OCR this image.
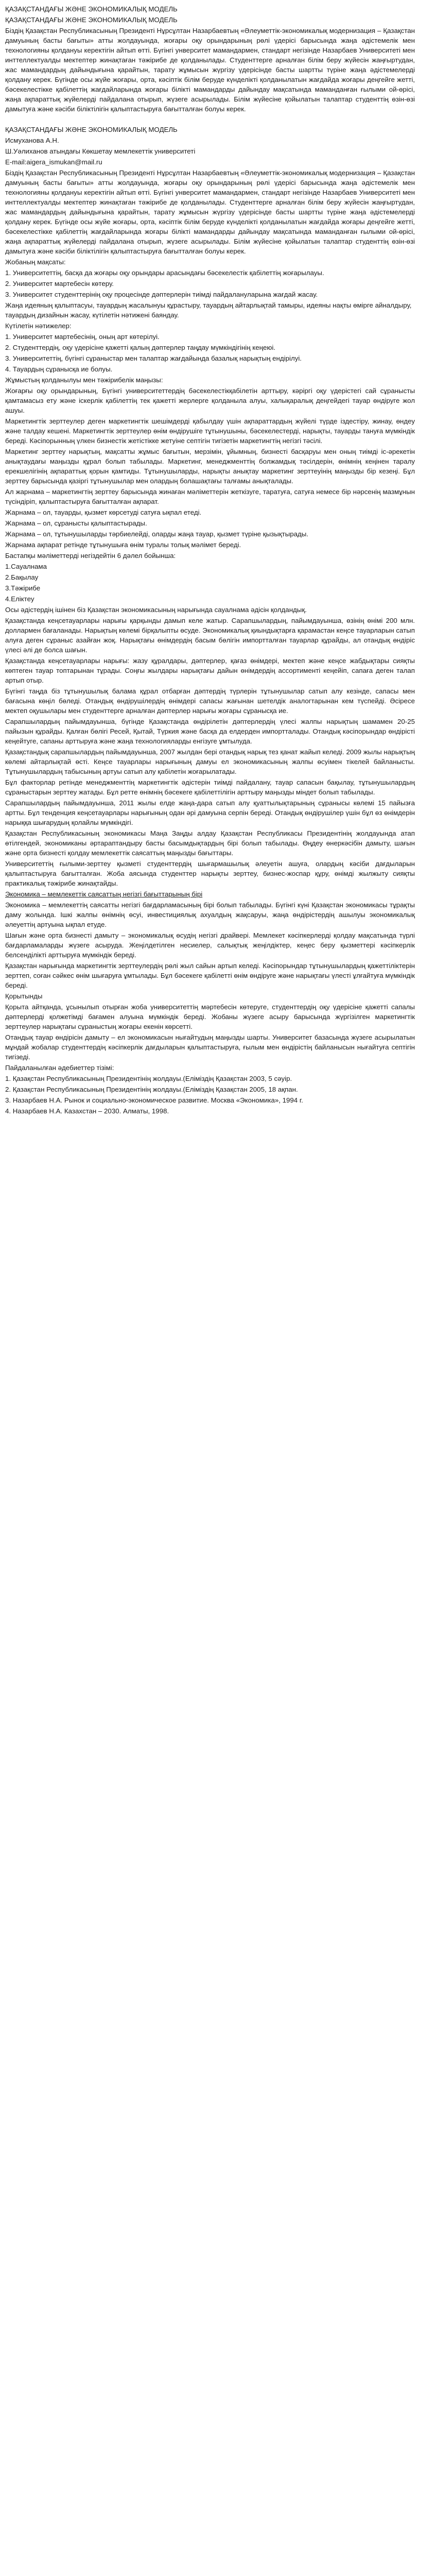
ҚАЗАҚСТАНДАҒЫ ЖӘНЕ ЭКОНОМИКАЛЫҚ МОДЕЛЬ
ҚАЗАҚСТАНДАҒЫ ЖӘНЕ ЭКОНОМИКАЛЫҚ МОДЕЛЬ
Біздің Қазақстан Республикасының Президенті Нұрсұлтан Назарбаевтың «Әлеуметтік-экономикалық модернизация – Қазақстан дамуының басты бағыты» атты жолдауында, жоғары оқу орындарының рөлі үдерісі барысында жаңа әдістемелік мен технологияны қолдануы керектігін айтып өтті. Бүгінгі унверситет мамандармен, стандарт негізінде Назарбаев Университеті мен инттеллектуалды мектептер жинақтаған тәжірибе де қолданылады. Студенттерге арналған білім беру жүйесін жаңғыртудан, жас мамандардың дайындығына қарайтын, тарату жұмысын жүргізу үдерісінде басты шартты түріне жаңа әдістемелерді қолдану керек. Бүгінде осы жүйе жоғары, орта, кәсіптік білім беруде күнделікті қолданылатын жағдайда жоғары деңгейге жетті, бәсекелестікке қабілеттің жағдайларында жоғары білікті мамандарды дайындау мақсатында маманданған ғылыми ой-өрісі, жаңа ақпараттық жүйелерді пайдалана отырып, жүзеге асырылады. Білім жүйесіне қойылатын талаптар студенттің өзін-өзі дамытуға және кәсіби біліктілігін қалыптастыруға бағытталған болуы керек.
ҚАЗАҚСТАНДАҒЫ ЖӘНЕ ЭКОНОМИКАЛЫҚ МОДЕЛЬ
Исмуханова А.Н.
Ш.Уәлиханов атындағы Көкшетау мемлекеттік университеті
E-mail:aigera_ismukan@mail.ru
Біздің Қазақстан Республикасының Президенті Нұрсұлтан Назарбаевтың «Әлеуметтік-экономикалық модернизация – Қазақстан дамуының басты бағыты» атты жолдауында, жоғары оқу орындарының рөлі үдерісі барысында жаңа әдістемелік мен технологияны қолдануы керектігін айтып өтті. Бүгінгі унверситет мамандармен, стандарт негізінде Назарбаев Университеті мен инттеллектуалды мектептер жинақтаған тәжірибе де қолданылады. Студенттерге арналған білім беру жүйесін жаңғыртудан, жас мамандардың дайындығына қарайтын, тарату жұмысын жүргізу үдерісінде басты шартты түріне жаңа әдістемелерді қолдану керек. Бүгінде осы жүйе жоғары, орта, кәсіптік білім беруде күнделікті қолданылатын жағдайда жоғары деңгейге жетті, бәсекелестікке қабілеттің жағдайларында жоғары білікті мамандарды дайындау мақсатында маманданған ғылыми ой-өрісі, жаңа ақпараттық жүйелерді пайдалана отырып, жүзеге асырылады. Білім жүйесіне қойылатын талаптар студенттің өзін-өзі дамытуға және кәсіби біліктілігін қалыптастыруға бағытталған болуы керек.
Жобаның мақсаты:
1. Университеттің, басқа да жоғары оқу орындары арасындағы бәсекелестік қабілеттің жоғарылауы.
2. Университет мартебесін көтеру.
3. Университет студенттерінің оқу процесінде дәптерлерін тиімді пайдалануларына жағдай жасау.
Жаңа идеяның қалыптасуы, тауардың жасалынуы құрастыру, тауардың айтарлықтай тамыры, идеяны нақты өмірге айналдыру, тауардың дизайнын жасау, күтілетін нәтижені баяндау.
Күтілетін нәтижелер:
1. Университет мартебесінің, оның арт көтерілуі.
2. Студенттердің, оқу үдерісіне қажетті қалың дәптерлер таңдау мүмкіндігінің кеңеюі.
3. Университеттің, бүгінгі сұраныстар мен талаптар жағдайында базалық нарықтың ендірілуі.
4. Тауардың сұранысқа ие болуы.
Жұмыстың қолданылуы мен тәжірибелік маңызы:
Жоғарғы оқу орындарының, Бүгінгі университеттердің бәсекелестікқабілетін арттыру, кәріргі оқу үдерістегі сай сұранысты қамтамасыз ету және іскерлік қабілеттің тек қажетті жерлерге қолданыла алуы, халықаралық деңгейдегі тауар өндіруге жол ашуы.
Маркетингтік зерттеулер деген маркетингтік шешімдерді қабылдау үшін ақпараттардың жүйелі түрде іздестіру, жинау, өндеу және талдау кешені. Маркетингтік зерттеулер өнім өндірушіге тұтынушыны, бәсекелестерді, нарықты, тауарды тануға мүмкіндік береді. Кәсіпорынның үлкен бизнестік жетістікке жетуіне септігін тигізетін маркетингтің негізгі тәсілі.
Маркетинг зерттеу нарықтың, мақсатты жұмыс бағытын, мерзімін, ұйымның, бизнесті басқаруы мен оның тиімді іс-әрекетін анықтаудағы маңызды құрал болып табылады. Маркетинг, менеджменттің болжамдық тәсілдерін, өнімнің кеңінен таралу ерекшелігінің ақпараттық қорын қамтиды. Тұтынушыларды, нарықты анықтау маркетинг зерттеуінің маңызды бір кезеңі. Бұл зерттеу барысында қазіргі тұтынушылар мен олардың болашақтағы талғамы анықталады.
Ал жарнама – маркетингтің зерттеу барысында жинаған мәліметтерін жеткізуге, таратуға, сатуға немесе бір нәрсенің мазмұнын түсіндіріп, қалыптастыруға бағытталған ақпарат.
Жарнама – ол, тауарды, қызмет көрсетуді сатуға ықпал етеді.
Жарнама – ол, сұранысты қалыптастырады.
Жарнама – ол, тұтынушыларды тәрбиелейді, оларды жаңа тауар, қызмет түріне қызықтырады.
Жарнама ақпарат ретінде тұтынушыға өнім туралы толық мәлімет береді.
Бастапқы мәліметтерді негіздейтін 6 дәлел бойынша:
1.Сауалнама
2.Бақылау
3.Тәжірибе
4.Еліктеу
Осы әдістердің ішінен біз Қазақстан экономикасының нарығында сауалнама әдісін қолдандық.
Қазақстанда кеңсетауарлары нарығы қарқынды дамып келе жатыр. Сарапшылардың, пайымдауынша, өзінің өнімі 200 млн. доллармен бағаланады. Нарықтың көлемі бірқалыпты өсуде. Экономикалық қиындықтарға қарамастан кеңсе тауарларын сатып алуға деген сұраныс азайған жоқ. Нарықтағы өнімдердің басым бөлігін импортталған тауарлар құрайды, ал отандық өндіріс үлесі әлі де болса шағын.
Қазақстанда кеңсетауарлары нарығы: жазу құралдары, дәптерлер, қағаз өнімдері, мектеп және кеңсе жабдықтары сияқты көптеген тауар топтарынан тұрады. Соңғы жылдары нарықтағы дайын өнімдердің ассортименті кеңейіп, сапаға деген талап артып отыр.
Бүгінгі таңда біз тұтынушылық балама құрал отбарған дәптердің түрлерін тұтынушылар сатып алу кезінде, сапасы мен бағасына көңіл бөледі. Отандық өндірушілердің өнімдері сапасы жағынан шетелдік аналогтарынан кем түспейді. Әсіресе мектеп оқушылары мен студенттерге арналған дәптерлер нарығы жоғары сұранысқа ие.
Сарапшылардың пайымдауынша, бүгінде Қазақстанда өндірілетін дәптерлердің үлесі жалпы нарықтың шамамен 20-25 пайызын құрайды. Қалған бөлігі Ресей, Қытай, Түркия және басқа да елдерден импортталады. Отандық кәсіпорындар өндірісті кеңейтуге, сапаны арттыруға және жаңа технологияларды енгізуге ұмтылуда.
Қазақстандық сарапшылардың пайымдауынша, 2007 жылдан бері отандық нарық тез қанат жайып келеді. 2009 жылы нарықтың көлемі айтарлықтай өсті. Кеңсе тауарлары нарығының дамуы ел экономикасының жалпы өсуімен тікелей байланысты. Тұтынушылардың табысының артуы сатып алу қабілетін жоғарылатады.
Бұл факторлар ретінде менеджменттің маркетингтік әдістерін тиімді пайдалану, тауар сапасын бақылау, тұтынушылардың сұраныстарын зерттеу жатады. Бұл ретте өнімнің бәсекеге қабілеттілігін арттыру маңызды міндет болып табылады.
Сарапшылардың пайымдауынша, 2011 жылы елде жаңа-дара сатып алу қуаттылықтарының сұранысы көлемі 15 пайызға артты. Бұл тенденция кеңсетауарлары нарығының одан әрі дамуына серпін береді. Отандық өндірушілер үшін бұл өз өнімдерін нарыққа шығарудың қолайлы мүмкіндігі.
Қазақстан Республикасының экономикасы Маңа Заңды алдау Қазақстан Республикасы Президентінің жолдауында атап өтілгендей, экономиканы әртараптандыру басты басымдықтардың бірі болып табылады. Өңдеу өнеркәсібін дамыту, шағын және орта бизнесті қолдау мемлекеттік саясаттың маңызды бағыттары.
Университеттің ғылыми-зерттеу қызметі студенттердің шығармашылық әлеуетін ашуға, олардың кәсіби дағдыларын қалыптастыруға бағытталған. Жоба аясында студенттер нарықты зерттеу, бизнес-жоспар құру, өнімді жылжыту сияқты практикалық тәжірибе жинақтайды.
Экономика – мемлекеттік саясаттың негізгі бағыттарының бірі
Экономика – мемлекеттің саясатты негізгі бағдарламасының бірі болып табылады. Бүгінгі күні Қазақстан экономикасы тұрақты даму жолында. Ішкі жалпы өнімнің өсуі, инвестициялық ахуалдың жақсаруы, жаңа өндірістердің ашылуы экономикалық әлеуеттің артуына ықпал етуде.
Шағын және орта бизнесті дамыту – экономикалық өсудің негізгі драйвері. Мемлекет кәсіпкерлерді қолдау мақсатында түрлі бағдарламаларды жүзеге асыруда. Жеңілдетілген несиелер, салықтық жеңілдіктер, кеңес беру қызметтері кәсіпкерлік белсенділікті арттыруға мүмкіндік береді.
Қазақстан нарығында маркетингтік зерттеулердің рөлі жыл сайын артып келеді. Кәсіпорындар тұтынушылардың қажеттіліктерін зерттеп, соған сәйкес өнім шығаруға ұмтылады. Бұл бәсекеге қабілетті өнім өндіруге және нарықтағы үлесті ұлғайтуға мүмкіндік береді.
Қорытынды
Қорыта айтқанда, ұсынылып отырған жоба университеттің мәртебесін көтеруге, студенттердің оқу үдерісіне қажетті сапалы дәптерлерді қолжетімді бағамен алуына мүмкіндік береді. Жобаны жүзеге асыру барысында жүргізілген маркетингтік зерттеулер нарықтағы сұраныстың жоғары екенін көрсетті.
Отандық тауар өндірісін дамыту – ел экономикасын нығайтудың маңызды шарты. Университет базасында жүзеге асырылатын мұндай жобалар студенттердің кәсіпкерлік дағдыларын қалыптастыруға, ғылым мен өндірістің байланысын нығайтуға септігін тигізеді.
Пайдаланылған әдебиеттер тізімі:
1. Қазақстан Республикасының Президентінің жолдауы.(Еліміздің Қазақстан 2003, 5 сәуір.
2. Қазақстан Республикасының Президентінің жолдауы.(Еліміздің Қазақстан 2005, 18 ақпан.
3. Назарбаев Н.А. Рынок и социально-экономическое развитие. Москва «Экономика», 1994 г.
4. Назарбаев Н.А. Казахстан – 2030. Алматы, 1998.
